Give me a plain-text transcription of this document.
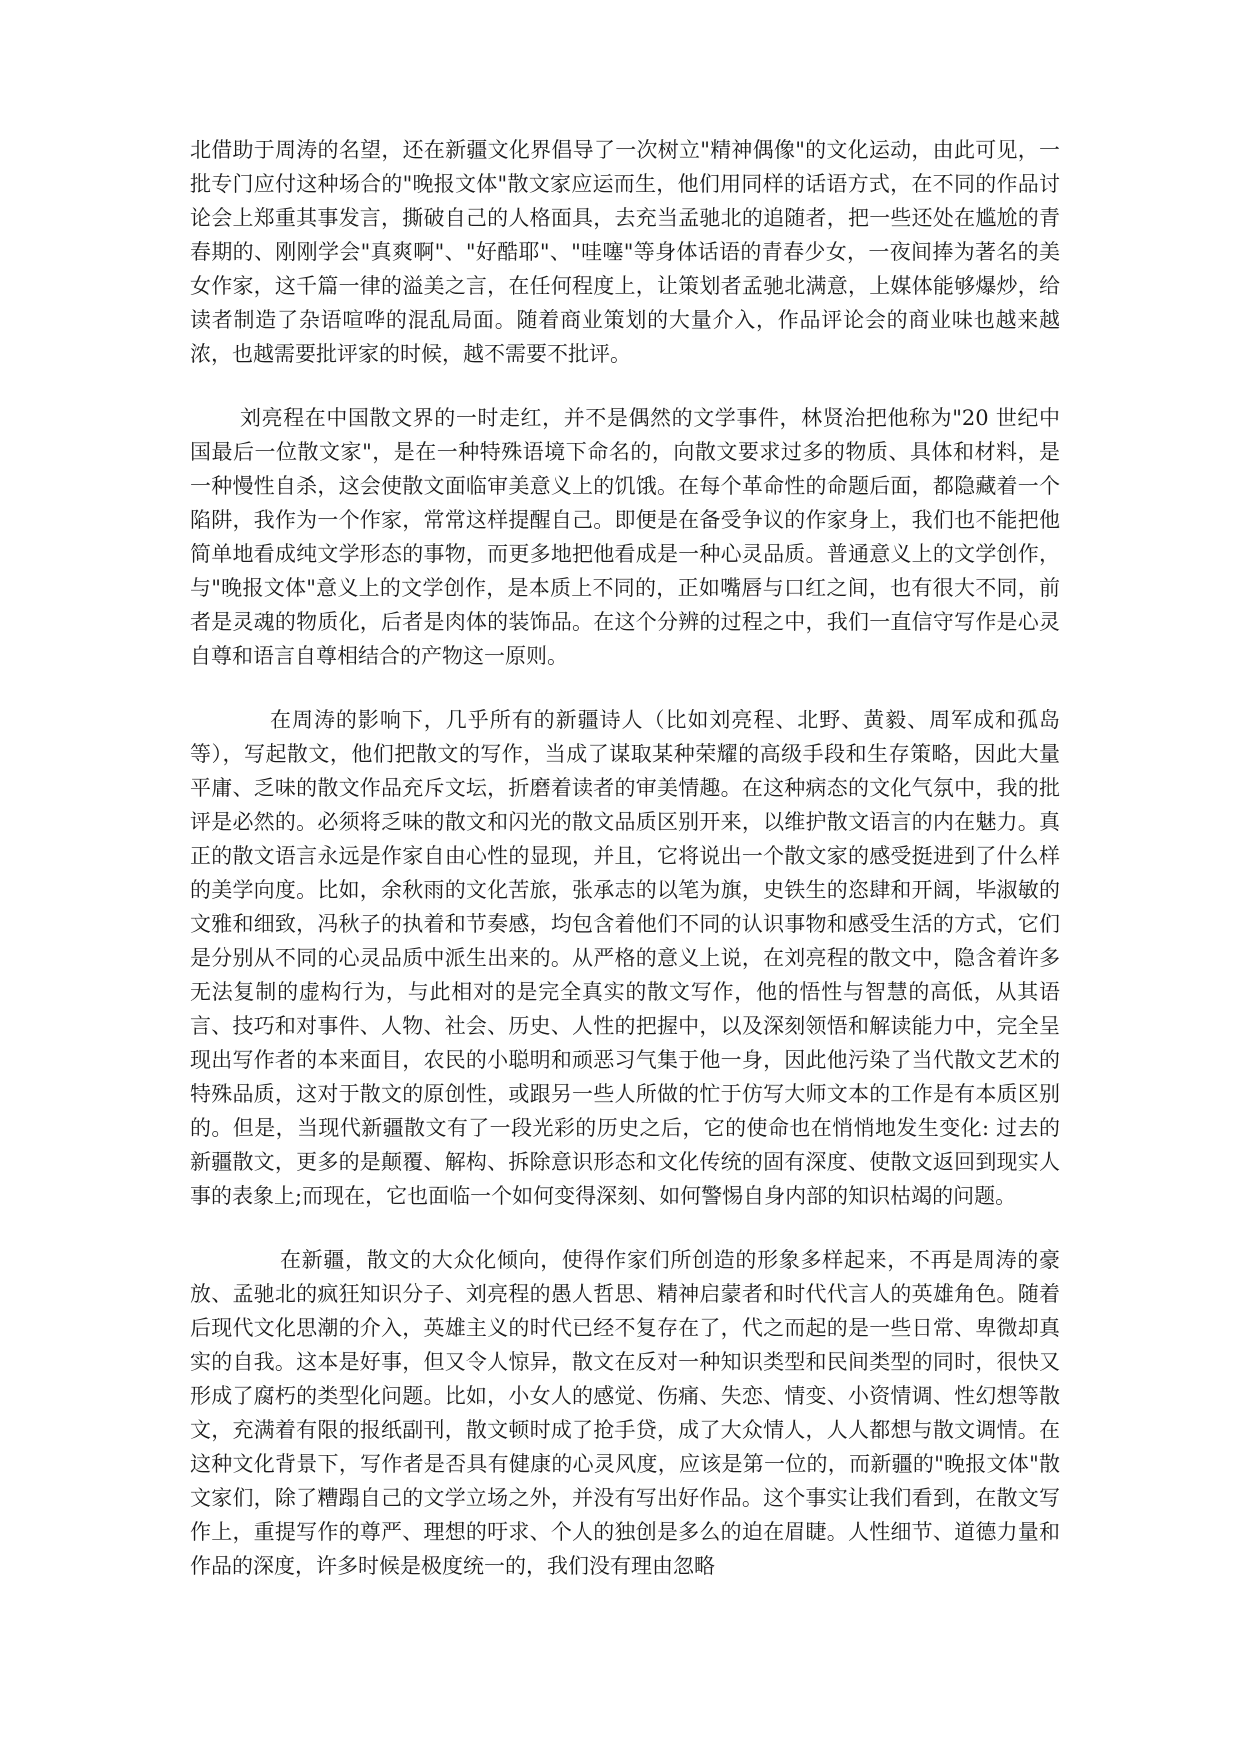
北借助于周涛的名望，还在新疆文化界倡导了一次树立"精神偶像"的文化运动，由此可见，一批专门应付这种场合的"晚报文体"散文家应运而生，他们用同样的话语方式，在不同的作品讨论会上郑重其事发言，撕破自己的人格面具，去充当孟驰北的追随者，把一些还处在尴尬的青春期的、刚刚学会"真爽啊"、"好酷耶"、"哇噻"等身体话语的青春少女，一夜间捧为著名的美女作家，这千篇一律的溢美之言，在任何程度上，让策划者孟驰北满意，上媒体能够爆炒，给读者制造了杂语喧哗的混乱局面。随着商业策划的大量介入，作品评论会的商业味也越来越浓，也越需要批评家的时候，越不需要不批评。

刘亮程在中国散文界的一时走红，并不是偶然的文学事件，林贤治把他称为"20 世纪中国最后一位散文家"，是在一种特殊语境下命名的，向散文要求过多的物质、具体和材料，是一种慢性自杀，这会使散文面临审美意义上的饥饿。在每个革命性的命题后面，都隐藏着一个陷阱，我作为一个作家，常常这样提醒自己。即便是在备受争议的作家身上，我们也不能把他简单地看成纯文学形态的事物，而更多地把他看成是一种心灵品质。普通意义上的文学创作，与"晚报文体"意义上的文学创作，是本质上不同的，正如嘴唇与口红之间，也有很大不同，前者是灵魂的物质化，后者是肉体的装饰品。在这个分辨的过程之中，我们一直信守写作是心灵自尊和语言自尊相结合的产物这一原则。

在周涛的影响下，几乎所有的新疆诗人（比如刘亮程、北野、黄毅、周军成和孤岛等），写起散文，他们把散文的写作，当成了谋取某种荣耀的高级手段和生存策略，因此大量平庸、乏味的散文作品充斥文坛，折磨着读者的审美情趣。在这种病态的文化气氛中，我的批评是必然的。必须将乏味的散文和闪光的散文品质区别开来，以维护散文语言的内在魅力。真正的散文语言永远是作家自由心性的显现，并且，它将说出一个散文家的感受挺进到了什么样的美学向度。比如，余秋雨的文化苦旅，张承志的以笔为旗，史铁生的恣肆和开阔，毕淑敏的文雅和细致，冯秋子的执着和节奏感，均包含着他们不同的认识事物和感受生活的方式，它们是分别从不同的心灵品质中派生出来的。从严格的意义上说，在刘亮程的散文中，隐含着许多无法复制的虚构行为，与此相对的是完全真实的散文写作，他的悟性与智慧的高低，从其语言、技巧和对事件、人物、社会、历史、人性的把握中，以及深刻领悟和解读能力中，完全呈现出写作者的本来面目，农民的小聪明和顽恶习气集于他一身，因此他污染了当代散文艺术的特殊品质，这对于散文的原创性，或跟另一些人所做的忙于仿写大师文本的工作是有本质区别的。但是，当现代新疆散文有了一段光彩的历史之后，它的使命也在悄悄地发生变化: 过去的新疆散文，更多的是颠覆、解构、拆除意识形态和文化传统的固有深度、使散文返回到现实人事的表象上;而现在，它也面临一个如何变得深刻、如何警惕自身内部的知识枯竭的问题。

在新疆，散文的大众化倾向，使得作家们所创造的形象多样起来，不再是周涛的豪放、孟驰北的疯狂知识分子、刘亮程的愚人哲思、精神启蒙者和时代代言人的英雄角色。随着后现代文化思潮的介入，英雄主义的时代已经不复存在了，代之而起的是一些日常、卑微却真实的自我。这本是好事，但又令人惊异，散文在反对一种知识类型和民间类型的同时，很快又形成了腐朽的类型化问题。比如，小女人的感觉、伤痛、失恋、情变、小资情调、性幻想等散文，充满着有限的报纸副刊，散文顿时成了抢手贷，成了大众情人，人人都想与散文调情。在这种文化背景下，写作者是否具有健康的心灵风度，应该是第一位的，而新疆的"晚报文体"散文家们，除了糟蹋自己的文学立场之外，并没有写出好作品。这个事实让我们看到，在散文写作上，重提写作的尊严、理想的吁求、个人的独创是多么的迫在眉睫。人性细节、道德力量和作品的深度，许多时候是极度统一的，我们没有理由忽略
